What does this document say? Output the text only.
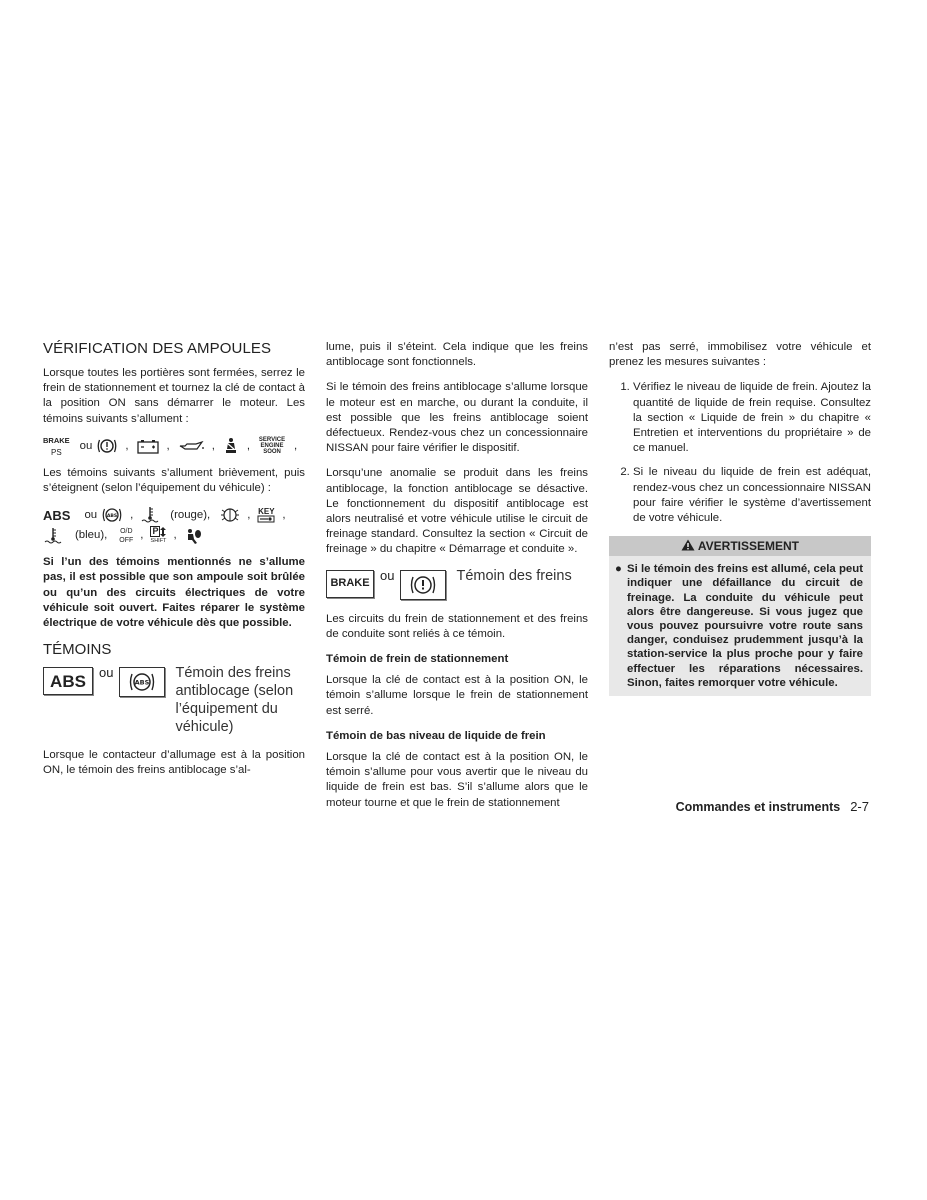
VÉRIFICATION DES AMPOULES

Lorsque toutes les portières sont fermées, serrez le frein de stationnement et tournez la clé de contact à la position ON sans démarrer le moteur. Les témoins suivants s’allument :

BRAKE
PS
ou	,	,	,	,	SERVICE ENGINE SOON
,

Les témoins suivants s’allument brièvement, puis s’éteignent (selon l’équipement du véhicule) :

ABS ou ABS ,	(rouge),	, KEY ,
(bleu), O/D
OFF , P
SHIFT
,

Si l’un des témoins mentionnés ne s’allume pas, il est possible que son ampoule soit brûlée ou qu’un des circuits électriques de votre véhicule soit ouvert. Faites réparer le système électrique de votre véhicule dès que possible.

TÉMOINS
ABS	ou
ABS
Témoin des freins antiblocage (selon l’équipement du véhicule)

Lorsque le contacteur d’allumage est à la position ON, le témoin des freins antiblocage s’al-

lume, puis il s’éteint. Cela indique que les freins antiblocage sont fonctionnels.

Si le témoin des freins antiblocage s’allume lorsque le moteur est en marche, ou durant la conduite, il est possible que les freins antiblocage soient défectueux. Rendez-vous chez un concessionnaire NISSAN pour faire vérifier le dispositif.

Lorsqu’une anomalie se produit dans les freins antiblocage, la fonction antiblocage se désactive. Le fonctionnement du dispositif antiblocage est alors neutralisé et votre véhicule utilise le circuit de freinage standard. Consultez la section « Circuit de freinage » du chapitre « Démarrage et conduite ».

BRAKE
ou	Témoin des freins

Les circuits du frein de stationnement et des freins de conduite sont reliés à ce témoin.

Témoin de frein de stationnement

Lorsque la clé de contact est à la position ON, le témoin s’allume lorsque le frein de stationnement est serré.

Témoin de bas niveau de liquide de frein

Lorsque la clé de contact est à la position ON, le témoin s’allume pour vous avertir que le niveau du liquide de frein est bas. S’il s’allume alors que le moteur tourne et que le frein de stationnement

n’est pas serré, immobilisez votre véhicule et prenez les mesures suivantes :

1. Vérifiez le niveau de liquide de frein. Ajoutez la quantité de liquide de frein requise. Consultez la section « Liquide de frein » du chapitre « Entretien et interventions du propriétaire » de ce manuel.
2. Si le niveau du liquide de frein est adéquat, rendez-vous chez un concessionnaire NISSAN pour faire vérifier le système d’avertissement de votre véhicule.
AVERTISSEMENT
● Si le témoin des freins est allumé, cela peut indiquer une défaillance du circuit de freinage. La conduite du véhicule peut alors être dangereuse. Si vous jugez que vous pouvez poursuivre votre route sans danger, conduisez prudemment jusqu’à la station-service la plus proche pour y faire effectuer les réparations nécessaires. Sinon, faites remorquer votre véhicule.
Commandes et instruments 2-7
